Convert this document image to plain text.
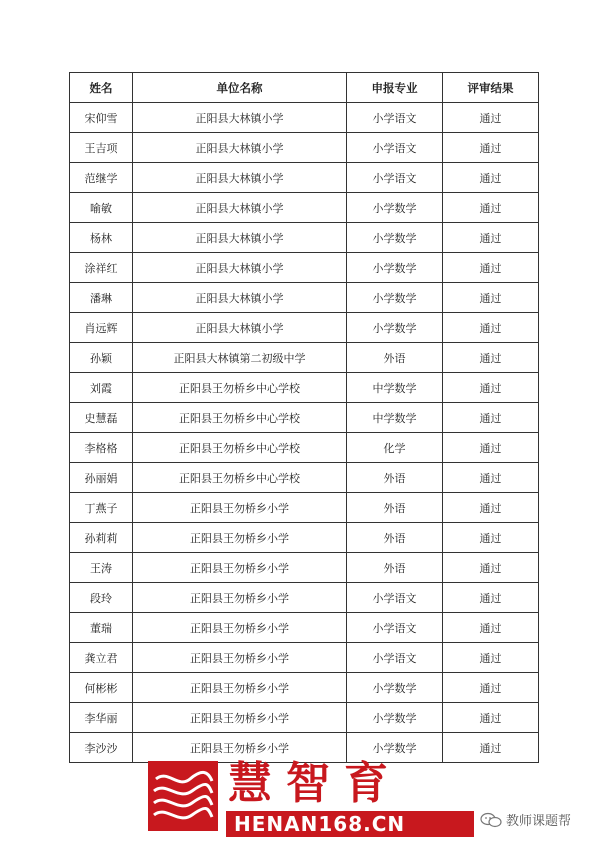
姓名	单位名称	申报专业	评审结果
宋仰雪	正阳县大林镇小学	小学语文	通过
王吉项	正阳县大林镇小学	小学语文	通过
范继学	正阳县大林镇小学	小学语文	通过
喻敏	正阳县大林镇小学	小学数学	通过
杨林	正阳县大林镇小学	小学数学	通过
涂祥红	正阳县大林镇小学	小学数学	通过
潘琳	正阳县大林镇小学	小学数学	通过
肖远辉	正阳县大林镇小学	小学数学	通过
孙颖	正阳县大林镇第二初级中学	外语	通过
刘霞	正阳县王勿桥乡中心学校	中学数学	通过
史慧磊	正阳县王勿桥乡中心学校	中学数学	通过
李格格	正阳县王勿桥乡中心学校	化学	通过
孙丽娟	正阳县王勿桥乡中心学校	外语	通过
丁燕子	正阳县王勿桥乡小学	外语	通过
孙莉莉	正阳县王勿桥乡小学	外语	通过
王涛	正阳县王勿桥乡小学	外语	通过
段玲	正阳县王勿桥乡小学	小学语文	通过
董瑞	正阳县王勿桥乡小学	小学语文	通过
龚立君	正阳县王勿桥乡小学	小学语文	通过
何彬彬	正阳县王勿桥乡小学	小学数学	通过
李华丽	正阳县王勿桥乡小学	小学数学	通过
李沙沙	正阳县王勿桥乡小学	小学数学	通过
慧智育
HENAN168.CN	教师课题帮
